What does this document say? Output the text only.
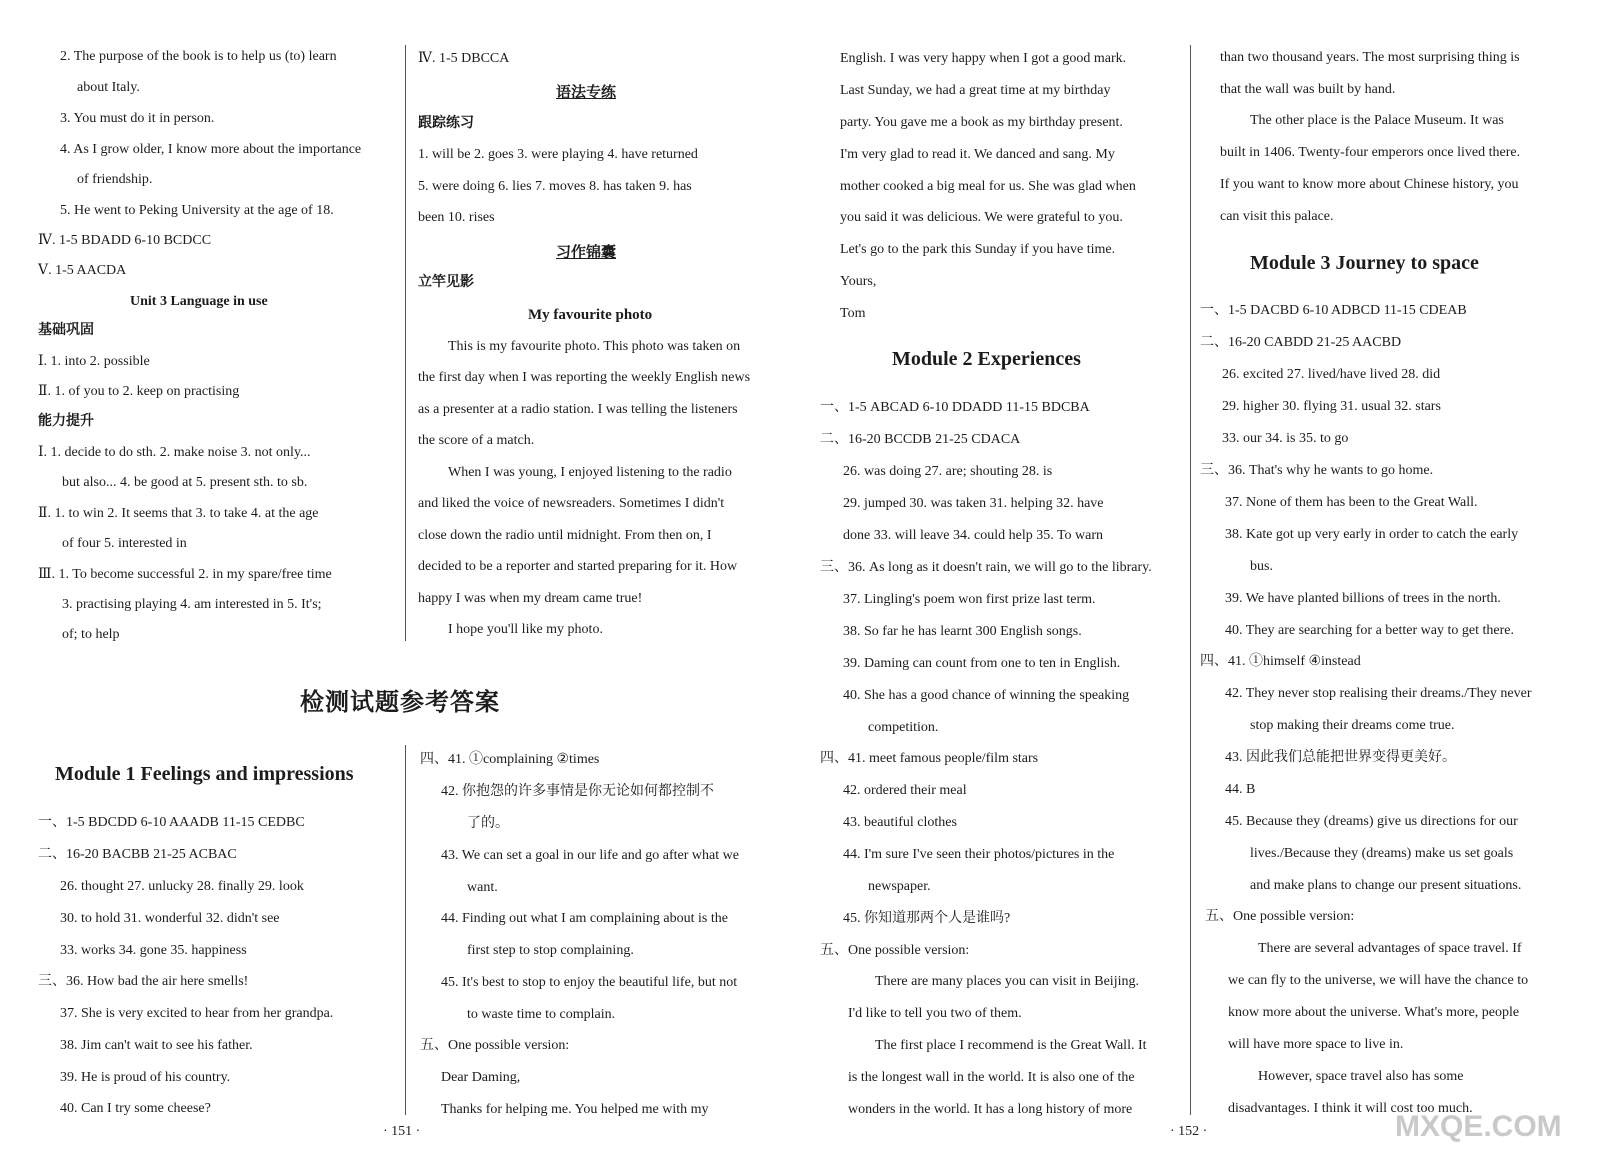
2. The purpose of the book is to help us (to) learn
about Italy.
3. You must do it in person.
4. As I grow older, I know more about the importance
of friendship.
5. He went to Peking University at the age of 18.
Ⅳ. 1-5 BDADD 6-10 BCDCC
Ⅴ. 1-5 AACDA
Unit 3 Language in use
基础巩固
Ⅰ. 1. into 2. possible
Ⅱ. 1. of you to 2. keep on practising
能力提升
Ⅰ. 1. decide to do sth. 2. make noise 3. not only...
but also... 4. be good at 5. present sth. to sb.
Ⅱ. 1. to win 2. It seems that 3. to take 4. at the age
of four 5. interested in
Ⅲ. 1. To become successful 2. in my spare/free time
3. practising playing 4. am interested in 5. It's;
of; to help
Ⅳ. 1-5 DBCCA
语法专练
跟踪练习
1. will be 2. goes 3. were playing 4. have returned
5. were doing 6. lies 7. moves 8. has taken 9. has
been 10. rises
习作锦囊
立竿见影
My favourite photo
This is my favourite photo. This photo was taken on
the first day when I was reporting the weekly English news
as a presenter at a radio station. I was telling the listeners
the score of a match.
When I was young, I enjoyed listening to the radio
and liked the voice of newsreaders. Sometimes I didn't
close down the radio until midnight. From then on, I
decided to be a reporter and started preparing for it. How
happy I was when my dream came true!
I hope you'll like my photo.
检测试题参考答案
Module 1 Feelings and impressions
一、1-5 BDCDD 6-10 AAADB 11-15 CEDBC
二、16-20 BACBB 21-25 ACBAC
26. thought 27. unlucky 28. finally 29. look
30. to hold 31. wonderful 32. didn't see
33. works 34. gone 35. happiness
三、36. How bad the air here smells!
37. She is very excited to hear from her grandpa.
38. Jim can't wait to see his father.
39. He is proud of his country.
40. Can I try some cheese?
四、41. ①complaining ②times
42. 你抱怨的许多事情是你无论如何都控制不
了的。
43. We can set a goal in our life and go after what we
want.
44. Finding out what I am complaining about is the
first step to stop complaining.
45. It's best to stop to enjoy the beautiful life, but not
to waste time to complain.
五、One possible version:
Dear Daming,
Thanks for helping me. You helped me with my
· 151 ·
English. I was very happy when I got a good mark.
Last Sunday, we had a great time at my birthday
party. You gave me a book as my birthday present.
I'm very glad to read it. We danced and sang. My
mother cooked a big meal for us. She was glad when
you said it was delicious. We were grateful to you.
Let's go to the park this Sunday if you have time.
Yours,
Tom
Module 2 Experiences
一、1-5 ABCAD 6-10 DDADD 11-15 BDCBA
二、16-20 BCCDB 21-25 CDACA
26. was doing 27. are; shouting 28. is
29. jumped 30. was taken 31. helping 32. have
done 33. will leave 34. could help 35. To warn
三、36. As long as it doesn't rain, we will go to the library.
37. Lingling's poem won first prize last term.
38. So far he has learnt 300 English songs.
39. Daming can count from one to ten in English.
40. She has a good chance of winning the speaking
competition.
四、41. meet famous people/film stars
42. ordered their meal
43. beautiful clothes
44. I'm sure I've seen their photos/pictures in the
newspaper.
45. 你知道那两个人是谁吗?
五、One possible version:
There are many places you can visit in Beijing.
I'd like to tell you two of them.
The first place I recommend is the Great Wall. It
is the longest wall in the world. It is also one of the
wonders in the world. It has a long history of more
than two thousand years. The most surprising thing is
that the wall was built by hand.
The other place is the Palace Museum. It was
built in 1406. Twenty-four emperors once lived there.
If you want to know more about Chinese history, you
can visit this palace.
Module 3 Journey to space
一、1-5 DACBD 6-10 ADBCD 11-15 CDEAB
二、16-20 CABDD 21-25 AACBD
26. excited 27. lived/have lived 28. did
29. higher 30. flying 31. usual 32. stars
33. our 34. is 35. to go
三、36. That's why he wants to go home.
37. None of them has been to the Great Wall.
38. Kate got up very early in order to catch the early
bus.
39. We have planted billions of trees in the north.
40. They are searching for a better way to get there.
四、41. ①himself ④instead
42. They never stop realising their dreams./They never
stop making their dreams come true.
43. 因此我们总能把世界变得更美好。
44. B
45. Because they (dreams) give us directions for our
lives./Because they (dreams) make us set goals
and make plans to change our present situations.
五、One possible version:
There are several advantages of space travel. If
we can fly to the universe, we will have the chance to
know more about the universe. What's more, people
will have more space to live in.
However, space travel also has some
disadvantages. I think it will cost too much.
· 152 ·	MXQE.COM
